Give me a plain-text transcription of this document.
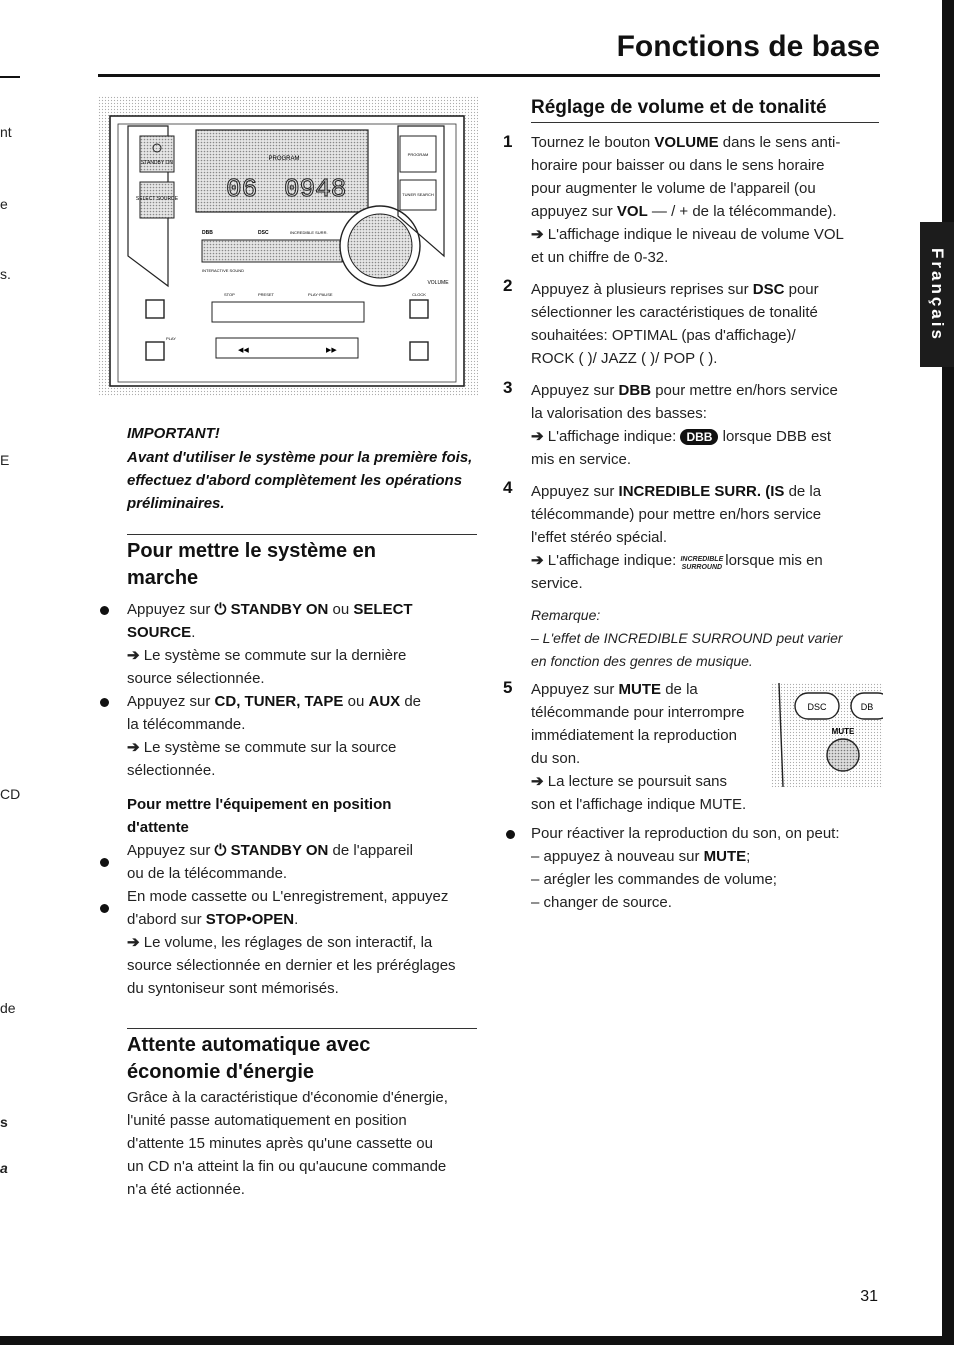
Fonctions de base
Français
nt
e
s.
E
CD
de
s
a
STANDBY ON
SELECT SOURCE
PROGRAM
06 0948
DBB	DSC	INCREDIBLE SURR.
INTERACTIVE SOUND
VOLUME
PROGRAM
TUNER SEARCH
STOP	PRESET	PLAY·PAUSE
◀◀	▶▶
CLOCK
PLAY

IMPORTANT!

Avant d'utiliser le système pour la première fois, effectuez d'abord complètement les opérations préliminaires.

Pour mettre le système en
marche

Appuyez sur ⏻ STANDBY ON ou SELECT

SOURCE.

➔ Le système se commute sur la dernière

source sélectionnée.

Appuyez sur CD, TUNER, TAPE ou AUX de

la télécommande.

➔ Le système se commute sur la source

sélectionnée.

Pour mettre l'équipement en position

d'attente

Appuyez sur ⏻ STANDBY ON de l'appareil

ou de la télécommande.

En mode cassette ou L'enregistrement, appuyez

d'abord sur STOP•OPEN.

➔ Le volume, les réglages de son interactif, la

source sélectionnée en dernier et les préréglages

du syntoniseur sont mémorisés.

Attente automatique avec
économie d'énergie

Grâce à la caractéristique d'économie d'énergie,

l'unité passe automatiquement en position

d'attente 15 minutes après qu'une cassette ou

un CD n'a atteint la fin ou qu'aucune commande

n'a été actionnée.

Réglage de volume et de tonalité
1
2
3
4
5

Tournez le bouton VOLUME dans le sens anti-

horaire pour baisser ou dans le sens horaire

pour augmenter le volume de l'appareil (ou

appuyez sur VOL — / + de la télécommande).

➔ L'affichage indique le niveau de volume VOL

et un chiffre de 0-32.

Appuyez à plusieurs reprises sur DSC pour

sélectionner les caractéristiques de tonalité

souhaitées: OPTIMAL (pas d'affichage)/

ROCK ( )/ JAZZ ( )/ POP ( ).

Appuyez sur DBB pour mettre en/hors service

la valorisation des basses:

➔ L'affichage indique: DBB lorsque DBB est

mis en service.

Appuyez sur INCREDIBLE SURR. (IS de la

télécommande) pour mettre en/hors service

l'effet stéréo spécial.

➔ L'affichage indique: INCREDIBLE
SURROUND lorsque mis en

service.

Remarque:

– L'effet de INCREDIBLE SURROUND peut varier

en fonction des genres de musique.

Appuyez sur MUTE de la

télécommande pour interrompre

immédiatement la reproduction

du son.

➔ La lecture se poursuit sans

son et l'affichage indique MUTE.
DSC	DB
MUTE

Pour réactiver la reproduction du son, on peut:

– appuyez à nouveau sur MUTE;

– arégler les commandes de volume;

– changer de source.

31
